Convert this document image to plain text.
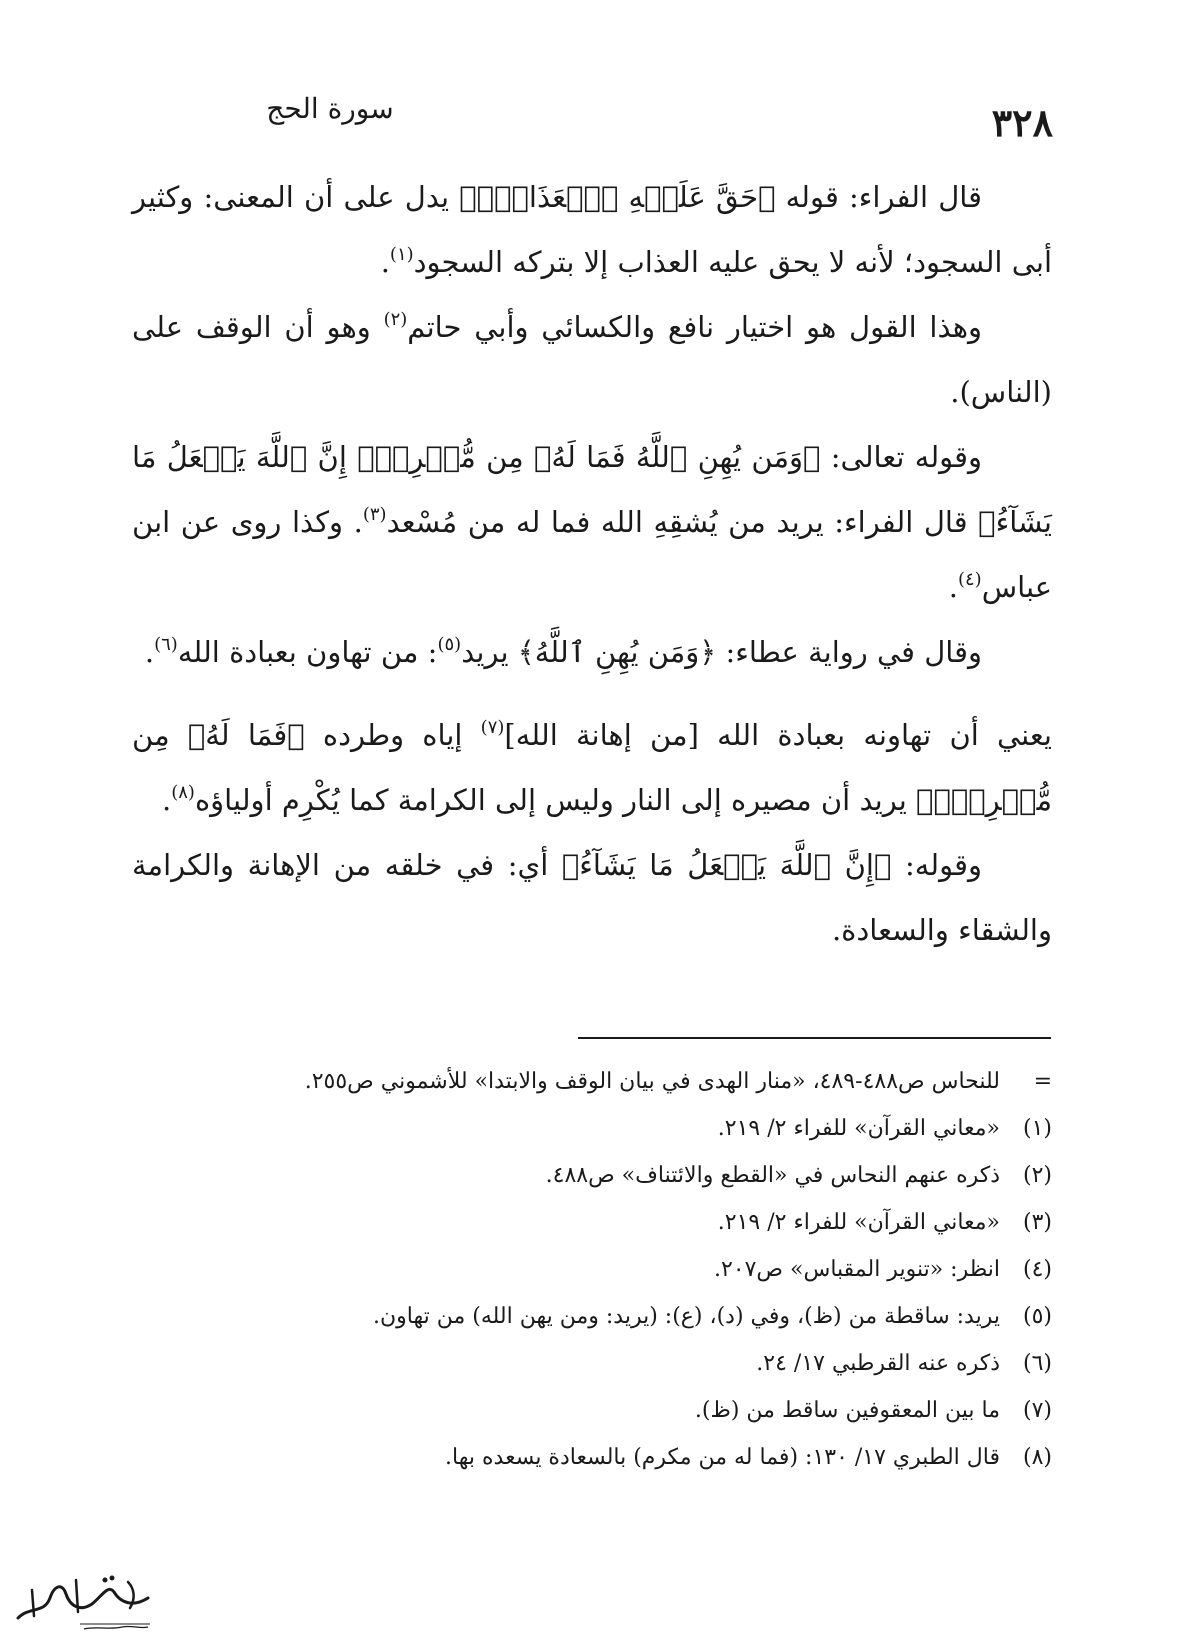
٣٢٨
سورة الحج

قال الفراء: قوله ﴿حَقَّ عَلَيۡهِ ٱلۡعَذَابُۗ﴾ يدل على أن المعنى: وكثير أبى السجود؛ لأنه لا يحق عليه العذاب إلا بتركه السجود$^{(١)}$.

وهذا القول هو اختيار نافع والكسائي وأبي حاتم$^{(٢)}$ وهو أن الوقف على (الناس).

وقوله تعالى: ﴿وَمَن يُهِنِ ٱللَّهُ فَمَا لَهُۥ مِن مُّكۡرِمٍۚ إِنَّ ٱللَّهَ يَفۡعَلُ مَا يَشَآءُ﴾ قال الفراء: يريد من يُشقِهِ الله فما له من مُسْعد$^{(٣)}$. وكذا روى عن ابن عباس$^{(٤)}$.

وقال في رواية عطاء: ﴿وَمَن يُهِنِ ٱللَّهُ﴾ يريد$^{(٥)}$: من تهاون بعبادة الله$^{(٦)}$.

يعني أن تهاونه بعبادة الله [من إهانة الله]$^{(٧)}$ إياه وطرده ﴿فَمَا لَهُۥ مِن مُّكۡرِمٍۚ﴾ يريد أن مصيره إلى النار وليس إلى الكرامة كما يُكْرِم أولياؤه$^{(٨)}$.

وقوله: ﴿إِنَّ ٱللَّهَ يَفۡعَلُ مَا يَشَآءُ﴾ أي: في خلقه من الإهانة والكرامة والشقاء والسعادة.

=
للنحاس ص٤٨٨-٤٨٩، «منار الهدى في بيان الوقف والابتدا» للأشموني ص٢٥٥.
(١)
«معاني القرآن» للفراء ٢/ ٢١٩.
(٢)
ذكره عنهم النحاس في «القطع والائتناف» ص٤٨٨.
(٣)
«معاني القرآن» للفراء ٢/ ٢١٩.
(٤)
انظر: «تنوير المقباس» ص٢٠٧.
(٥)
يريد: ساقطة من (ظ)، وفي (د)، (ع): (يريد: ومن يهن الله) من تهاون.
(٦)
ذكره عنه القرطبي ١٧/ ٢٤.
(٧)
ما بين المعقوفين ساقط من (ظ).
(٨)
قال الطبري ١٧/ ١٣٠: (فما له من مكرم) بالسعادة يسعده بها.
